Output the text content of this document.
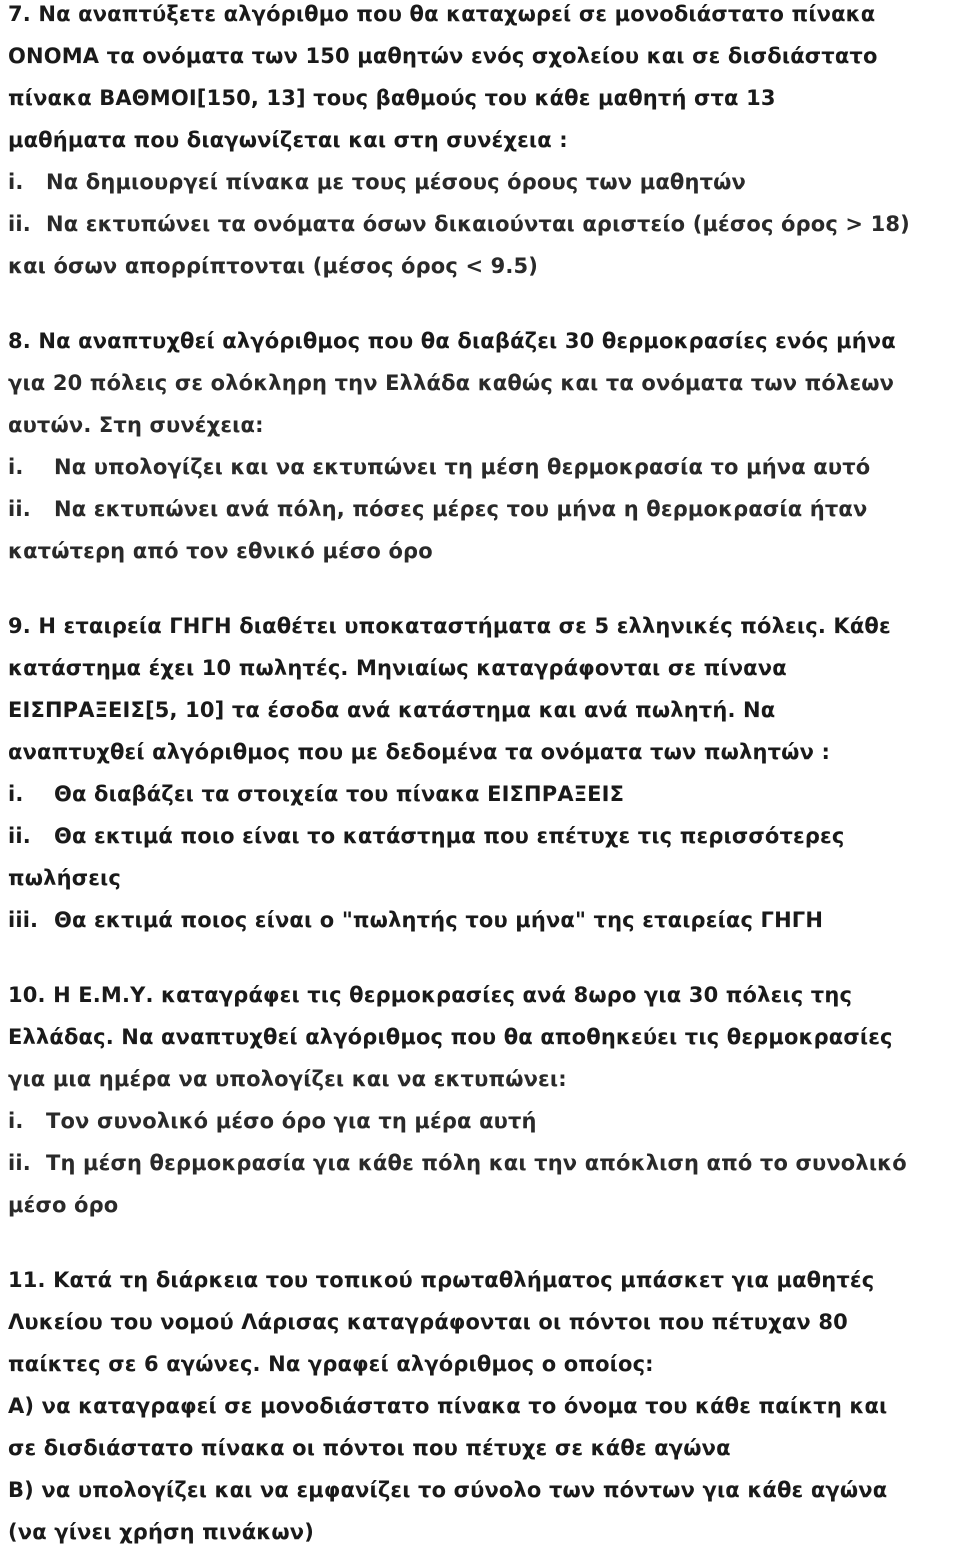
7. Να αναπτύξετε αλγόριθμο που θα καταχωρεί σε μονοδιάστατο πίνακα
ΟΝΟΜΑ τα ονόματα των 150 μαθητών ενός σχολείου και σε δισδιάστατο
πίνακα ΒΑΘΜΟΙ[150, 13] τους βαθμούς του κάθε μαθητή στα 13
μαθήματα που διαγωνίζεται και στη συνέχεια :
i. Να δημιουργεί πίνακα με τους μέσους όρους των μαθητών
ii. Να εκτυπώνει τα ονόματα όσων δικαιούνται αριστείο (μέσος όρος > 18)
και όσων απορρίπτονται (μέσος όρος < 9.5)
8. Να αναπτυχθεί αλγόριθμος που θα διαβάζει 30 θερμοκρασίες ενός μήνα
για 20 πόλεις σε ολόκληρη την Ελλάδα καθώς και τα ονόματα των πόλεων
αυτών. Στη συνέχεια:
i. Να υπολογίζει και να εκτυπώνει τη μέση θερμοκρασία το μήνα αυτό
ii. Να εκτυπώνει ανά πόλη, πόσες μέρες του μήνα η θερμοκρασία ήταν
κατώτερη από τον εθνικό μέσο όρο
9. Η εταιρεία ΓΗΓΗ διαθέτει υποκαταστήματα σε 5 ελληνικές πόλεις. Κάθε
κατάστημα έχει 10 πωλητές. Μηνιαίως καταγράφονται σε πίνανα
ΕΙΣΠΡΑΞΕΙΣ[5, 10] τα έσοδα ανά κατάστημα και ανά πωλητή. Να
αναπτυχθεί αλγόριθμος που με δεδομένα τα ονόματα των πωλητών :
i. Θα διαβάζει τα στοιχεία του πίνακα ΕΙΣΠΡΑΞΕΙΣ
ii. Θα εκτιμά ποιο είναι το κατάστημα που επέτυχε τις περισσότερες
πωλήσεις
iii. Θα εκτιμά ποιος είναι ο "πωλητής του μήνα" της εταιρείας ΓΗΓΗ
10. Η Ε.Μ.Υ. καταγράφει τις θερμοκρασίες ανά 8ωρο για 30 πόλεις της
Ελλάδας. Να αναπτυχθεί αλγόριθμος που θα αποθηκεύει τις θερμοκρασίες
για μια ημέρα να υπολογίζει και να εκτυπώνει:
i. Τον συνολικό μέσο όρο για τη μέρα αυτή
ii. Τη μέση θερμοκρασία για κάθε πόλη και την απόκλιση από το συνολικό
μέσο όρο
11. Κατά τη διάρκεια του τοπικού πρωταθλήματος μπάσκετ για μαθητές
Λυκείου του νομού Λάρισας καταγράφονται οι πόντοι που πέτυχαν 80
παίκτες σε 6 αγώνες. Να γραφεί αλγόριθμος ο οποίος:
Α) να καταγραφεί σε μονοδιάστατο πίνακα το όνομα του κάθε παίκτη και
σε δισδιάστατο πίνακα οι πόντοι που πέτυχε σε κάθε αγώνα
Β) να υπολογίζει και να εμφανίζει το σύνολο των πόντων για κάθε αγώνα
(να γίνει χρήση πινάκων)
